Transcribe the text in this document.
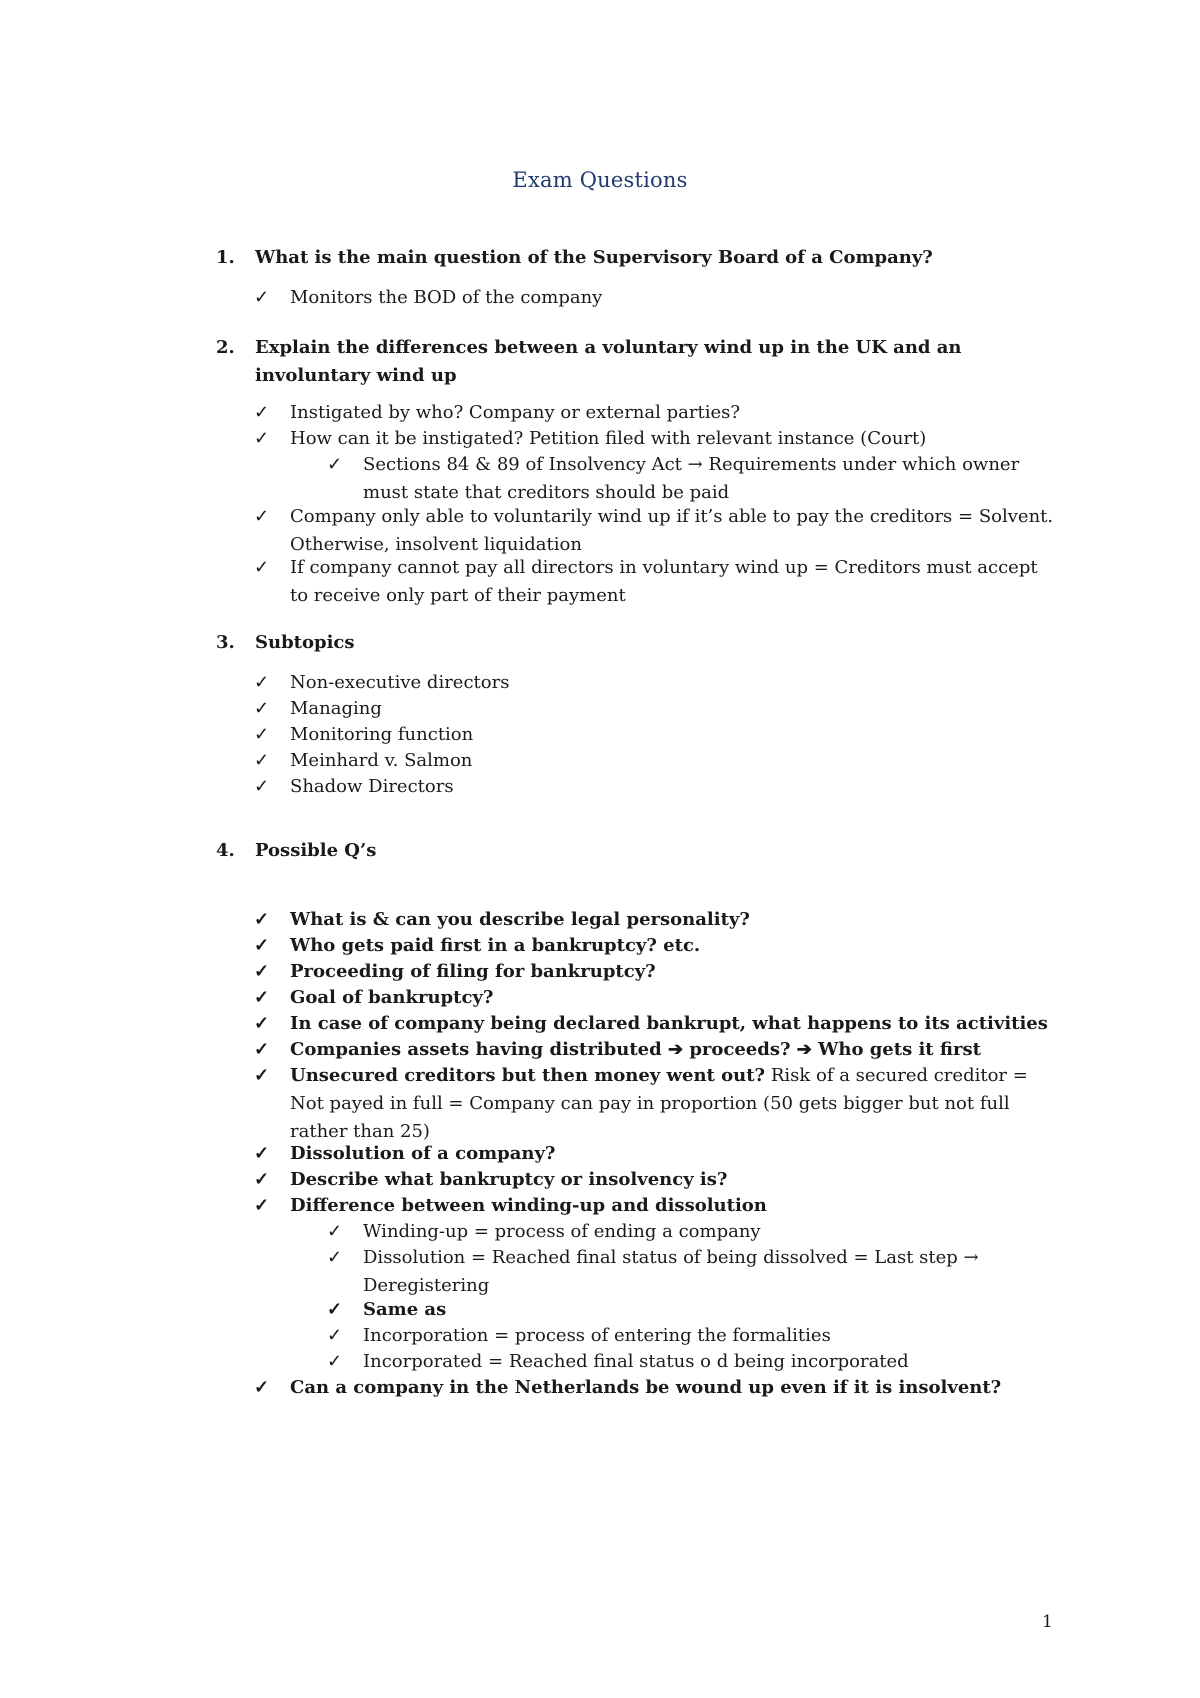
Exam Questions
1.	What is the main question of the Supervisory Board of a Company?
✓	Monitors the BOD of the company
2.	Explain the differences between a voluntary wind up in the UK and an involuntary wind up
✓	Instigated by who? Company or external parties?
✓	How can it be instigated? Petition filed with relevant instance (Court)
✓	Sections 84 & 89 of Insolvency Act → Requirements under which owner must state that creditors should be paid
✓	Company only able to voluntarily wind up if it’s able to pay the creditors = Solvent. Otherwise, insolvent liquidation
✓	If company cannot pay all directors in voluntary wind up = Creditors must accept to receive only part of their payment
3.	Subtopics
✓	Non-executive directors
✓	Managing
✓	Monitoring function
✓	Meinhard v. Salmon
✓	Shadow Directors
4.	Possible Q’s
✓	What is & can you describe legal personality?
✓	Who gets paid first in a bankruptcy? etc.
✓	Proceeding of filing for bankruptcy?
✓	Goal of bankruptcy?
✓	In case of company being declared bankrupt, what happens to its activities
✓	Companies assets having distributed ➔ proceeds? ➔ Who gets it first
✓	Unsecured creditors but then money went out? Risk of a secured creditor = Not payed in full = Company can pay in proportion (50 gets bigger but not full rather than 25)
✓	Dissolution of a company?
✓	Describe what bankruptcy or insolvency is?
✓	Difference between winding-up and dissolution
✓	Winding-up = process of ending a company
✓	Dissolution = Reached final status of being dissolved = Last step → Deregistering
✓	Same as
✓	Incorporation = process of entering the formalities
✓	Incorporated = Reached final status o d being incorporated
✓	Can a company in the Netherlands be wound up even if it is insolvent?
1
